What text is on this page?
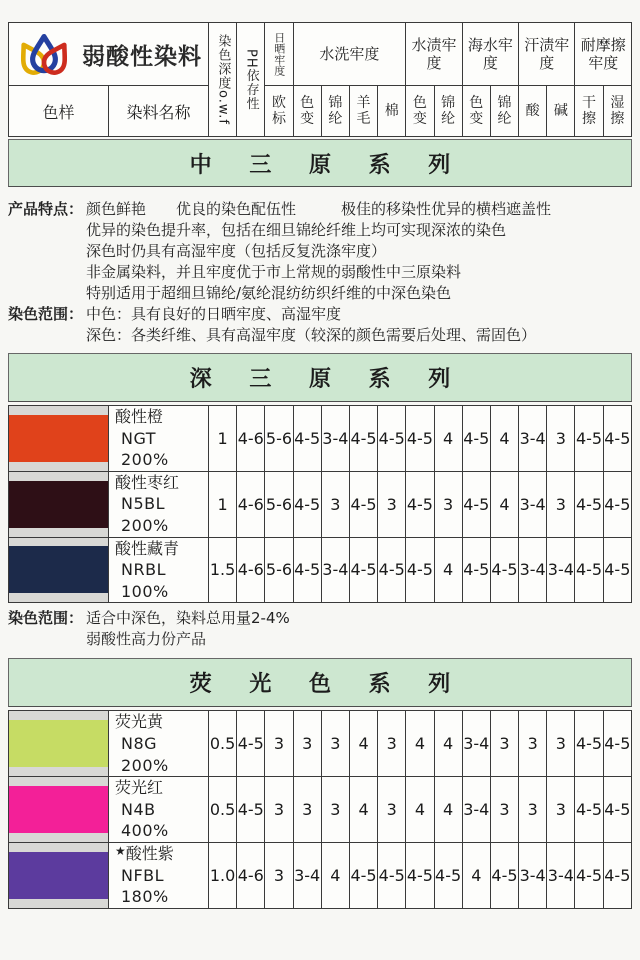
弱酸性染料		染色深度o.w.f	PH依存性	日晒牢度	水洗牢度				水渍牢度		海水牢度		汗渍牢度		耐摩擦牢度	
色样	染料名称			欧标	色变	锦纶	羊毛	棉	色变	锦纶	色变	锦纶	酸	碱	干擦	湿擦
中 三 原 系 列
产品特点： 颜色鲜艳　　优良的染色配伍性　　　极佳的移染性优异的横档遮盖性
优异的染色提升率，包括在细旦锦纶纤维上均可实现深浓的染色
深色时仍具有高湿牢度（包括反复洗涤牢度）
非金属染料，并且牢度优于市上常规的弱酸性中三原染料
特别适用于超细旦锦纶/氨纶混纺纺织纤维的中深色染色
染色范围： 中色：具有良好的日晒牢度、高湿牢度
深色：各类纤维、具有高湿牢度（较深的颜色需要后处理、需固色）
深 三 原 系 列

	酸性橙
NGT 200%	1	4-6	5-6	4-5	3-4	4-5	4-5	4-5	4	4-5	4	3-4	3	4-5	4-5

	酸性枣红
N5BL 200%	1	4-6	5-6	4-5	3	4-5	3	4-5	3	4-5	4	3-4	3	4-5	4-5

	酸性藏青
NRBL 100%	1.5	4-6	5-6	4-5	3-4	4-5	4-5	4-5	4	4-5	4-5	3-4	3-4	4-5	4-5
染色范围： 适合中深色，染料总用量2-4%
弱酸性高力份产品
荧 光 色 系 列

	荧光黄
N8G 200%	0.5	4-5	3	3	3	4	3	4	4	3-4	3	3	3	4-5	4-5

	荧光红
N4B 400%	0.5	4-5	3	3	3	4	3	4	4	3-4	3	3	3	4-5	4-5

	★酸性紫
NFBL 180%	1.0	4-6	3	3-4	4	4-5	4-5	4-5	4-5	4	4-5	3-4	3-4	4-5	4-5
